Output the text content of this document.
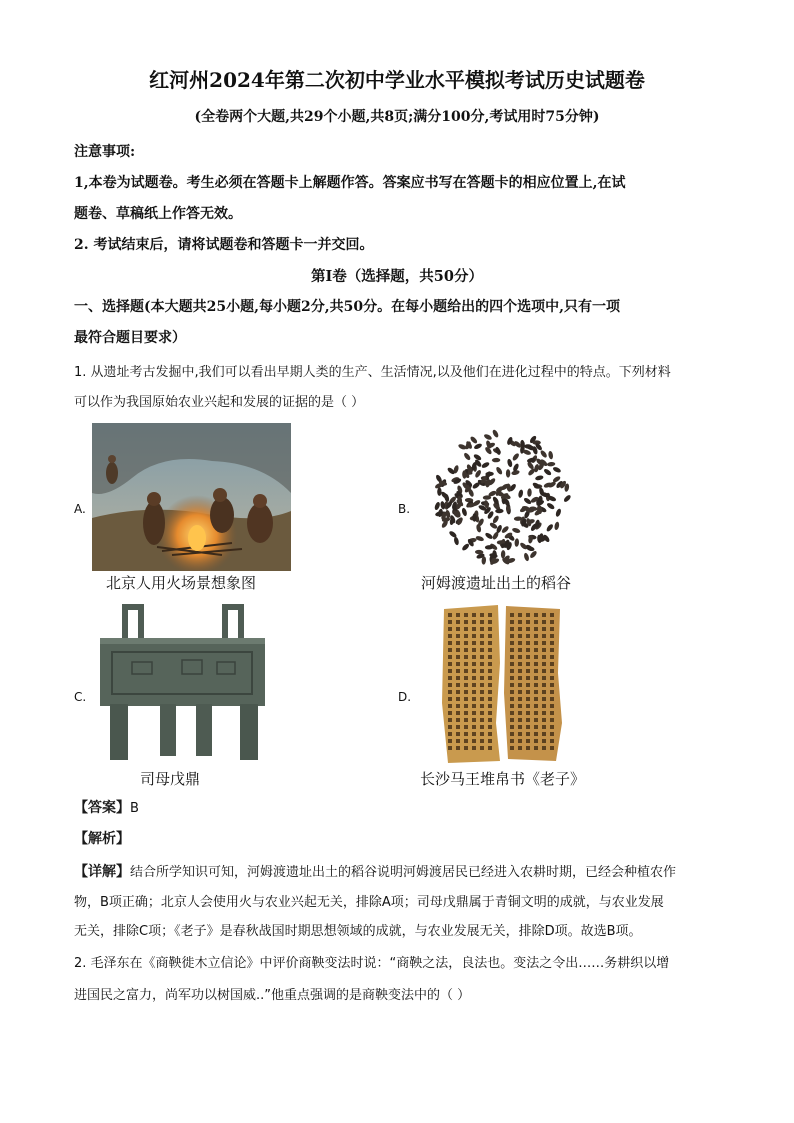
红河州2024年第二次初中学业水平模拟考试历史试题卷
(全卷两个大题,共29个小题,共8页;满分100分,考试用时75分钟)
注意事项:
1,本卷为试题卷。考生必须在答题卡上解题作答。答案应书写在答题卡的相应位置上,在试
题卷、草稿纸上作答无效。
2. 考试结束后，请将试题卷和答题卡一并交回。
第Ⅰ卷（选择题，共50分）
一、选择题(本大题共25小题,每小题2分,共50分。在每小题给出的四个选项中,只有一项
最符合题目要求）
1. 从遗址考古发掘中,我们可以看出早期人类的生产、生活情况,以及他们在进化过程中的特点。下列材料
可以作为我国原始农业兴起和发展的证据的是（ ）
A.
北京人用火场景想象图
B.
河姆渡遗址出土的稻谷
C.
司母戊鼎
D.
长沙马王堆帛书《老子》
【答案】B
【解析】
【详解】结合所学知识可知，河姆渡遗址出土的稻谷说明河姆渡居民已经进入农耕时期，已经会种植农作
物，B项正确；北京人会使用火与农业兴起无关，排除A项；司母戊鼎属于青铜文明的成就，与农业发展
无关，排除C项；《老子》是春秋战国时期思想领域的成就，与农业发展无关，排除D项。故选B项。
2. 毛泽东在《商鞅徙木立信论》中评价商鞅变法时说：“商鞅之法，良法也。变法之令出……务耕织以增
进国民之富力，尚军功以树国威..”他重点强调的是商鞅变法中的（ ）
